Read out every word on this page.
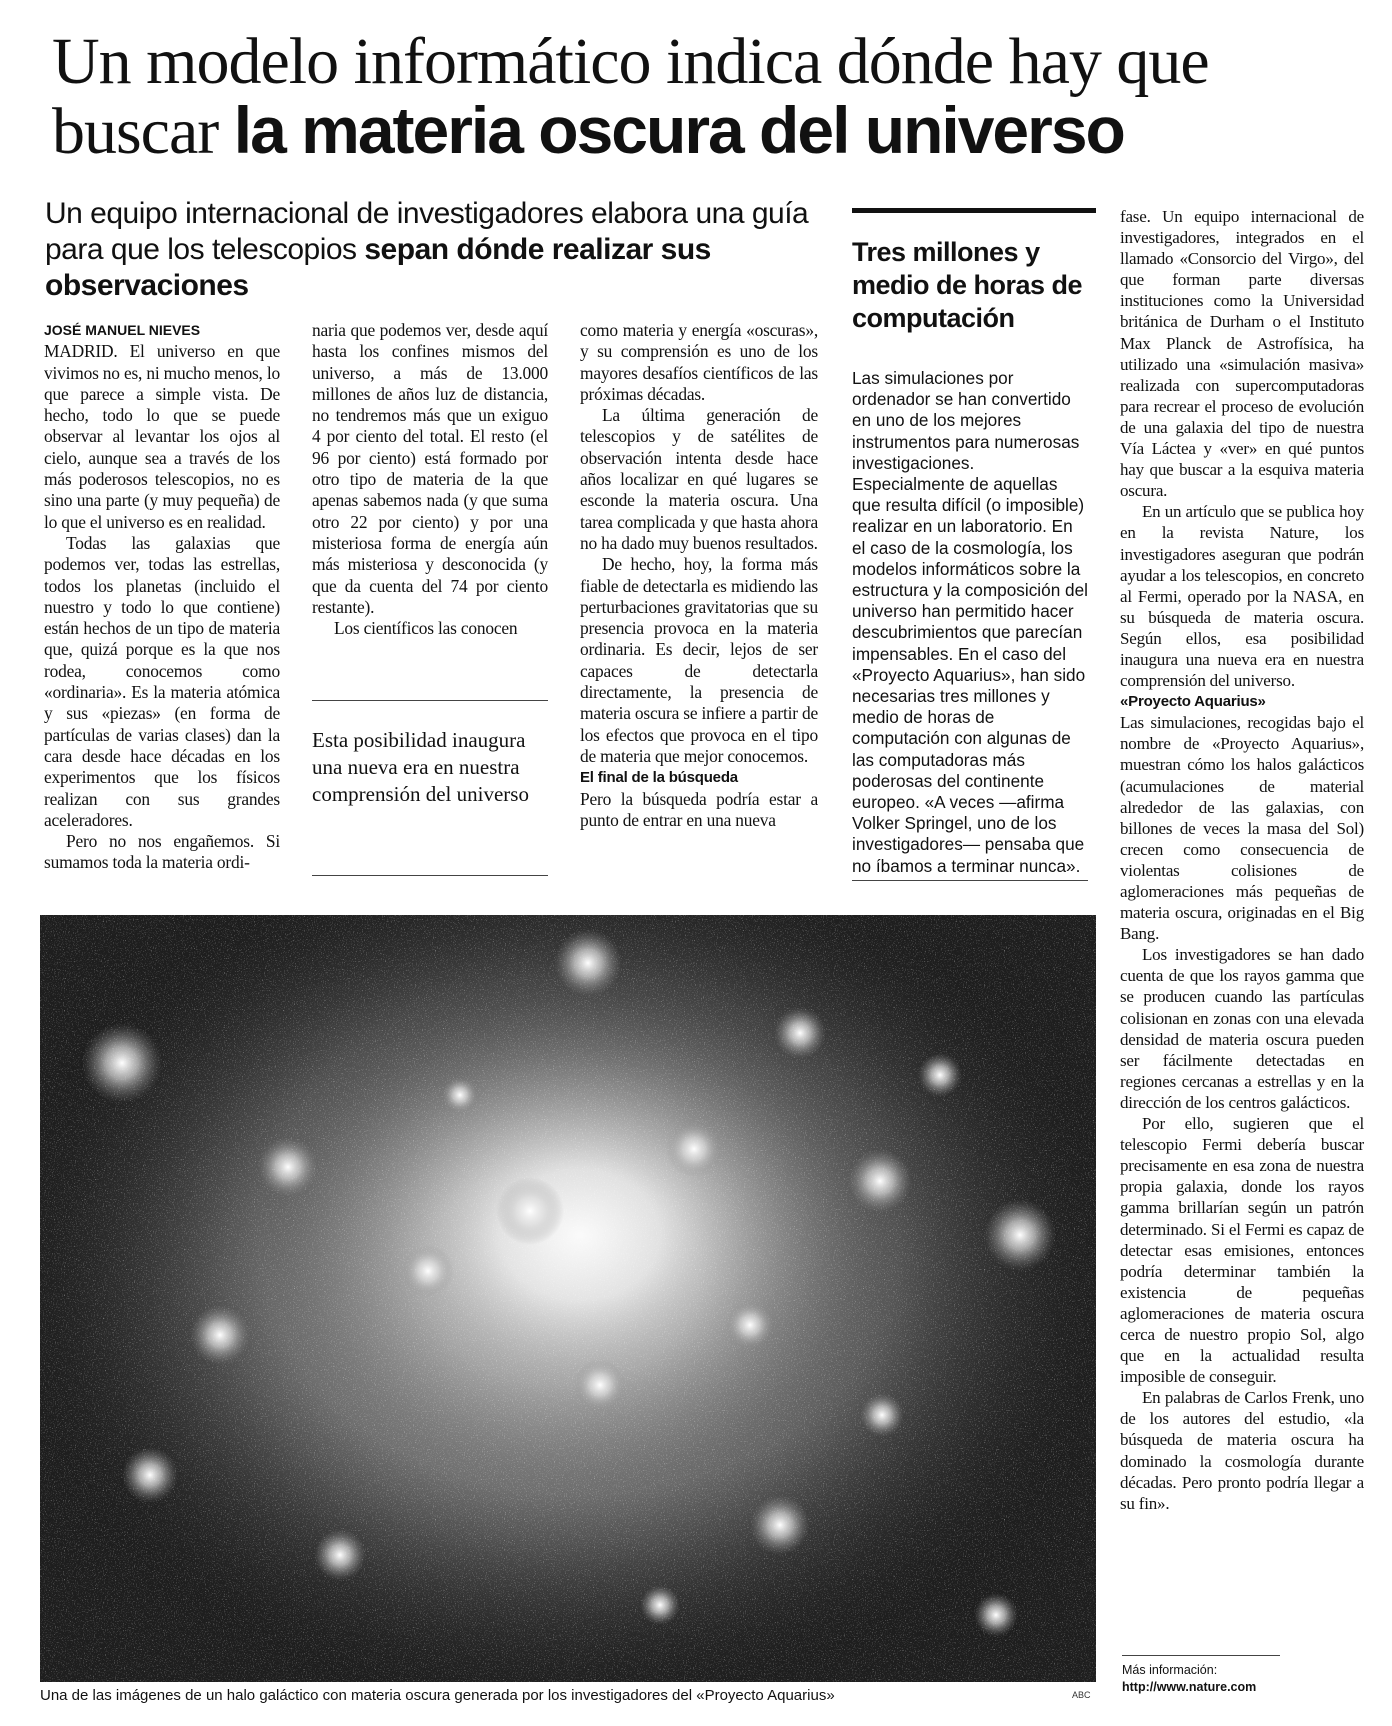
Un modelo informático indica dónde hay que buscar la materia oscura del universo
Un equipo internacional de investigadores elabora una guía para que los telescopios sepan dónde realizar sus observaciones
JOSÉ MANUEL NIEVES

MADRID. El universo en que vivimos no es, ni mucho menos, lo que parece a simple vista. De hecho, todo lo que se puede observar al levantar los ojos al cielo, aunque sea a través de los más poderosos telescopios, no es sino una parte (y muy pequeña) de lo que el universo es en realidad.

Todas las galaxias que podemos ver, todas las estrellas, todos los planetas (incluido el nuestro y todo lo que contiene) están hechos de un tipo de materia que, quizá porque es la que nos rodea, conocemos como «ordinaria». Es la materia atómica y sus «piezas» (en forma de partículas de varias clases) dan la cara desde hace décadas en los experimentos que los físicos realizan con sus grandes aceleradores.

Pero no nos engañemos. Si sumamos toda la materia ordi-

naria que podemos ver, desde aquí hasta los confines mismos del universo, a más de 13.000 millones de años luz de distancia, no tendremos más que un exiguo 4 por ciento del total. El resto (el 96 por ciento) está formado por otro tipo de materia de la que apenas sabemos nada (y que suma otro 22 por ciento) y por una misteriosa forma de energía aún más misteriosa y desconocida (y que da cuenta del 74 por ciento restante).

Los científicos las conocen

Esta posibilidad inaugura una nueva era en nuestra comprensión del universo

como materia y energía «oscuras», y su comprensión es uno de los mayores desafíos científicos de las próximas décadas.

La última generación de telescopios y de satélites de observación intenta desde hace años localizar en qué lugares se esconde la materia oscura. Una tarea complicada y que hasta ahora no ha dado muy buenos resultados.

De hecho, hoy, la forma más fiable de detectarla es midiendo las perturbaciones gravitatorias que su presencia provoca en la materia ordinaria. Es decir, lejos de ser capaces de detectarla directamente, la presencia de materia oscura se infiere a partir de los efectos que provoca en el tipo de materia que mejor conocemos.

El final de la búsqueda

Pero la búsqueda podría estar a punto de entrar en una nueva

Tres millones y medio de horas de computación
Las simulaciones por ordenador se han convertido en uno de los mejores instrumentos para numerosas investigaciones. Especialmente de aquellas que resulta difícil (o imposible) realizar en un laboratorio. En el caso de la cosmología, los modelos informáticos sobre la estructura y la composición del universo han permitido hacer descubrimientos que parecían impensables. En el caso del «Proyecto Aquarius», han sido necesarias tres millones y medio de horas de computación con algunas de las computadoras más poderosas del continente europeo. «A veces —afirma Volker Springel, uno de los investigadores— pensaba que no íbamos a terminar nunca».

fase. Un equipo internacional de investigadores, integrados en el llamado «Consorcio del Virgo», del que forman parte diversas instituciones como la Universidad británica de Durham o el Instituto Max Planck de Astrofísica, ha utilizado una «simulación masiva» realizada con supercomputadoras para recrear el proceso de evolución de una galaxia del tipo de nuestra Vía Láctea y «ver» en qué puntos hay que buscar a la esquiva materia oscura.

En un artículo que se publica hoy en la revista Nature, los investigadores aseguran que podrán ayudar a los telescopios, en concreto al Fermi, operado por la NASA, en su búsqueda de materia oscura. Según ellos, esa posibilidad inaugura una nueva era en nuestra comprensión del universo.

«Proyecto Aquarius»

Las simulaciones, recogidas bajo el nombre de «Proyecto Aquarius», muestran cómo los halos galácticos (acumulaciones de material alrededor de las galaxias, con billones de veces la masa del Sol) crecen como consecuencia de violentas colisiones de aglomeraciones más pequeñas de materia oscura, originadas en el Big Bang.

Los investigadores se han dado cuenta de que los rayos gamma que se producen cuando las partículas colisionan en zonas con una elevada densidad de materia oscura pueden ser fácilmente detectadas en regiones cercanas a estrellas y en la dirección de los centros galácticos.

Por ello, sugieren que el telescopio Fermi debería buscar precisamente en esa zona de nuestra propia galaxia, donde los rayos gamma brillarían según un patrón determinado. Si el Fermi es capaz de detectar esas emisiones, entonces podría determinar también la existencia de pequeñas aglomeraciones de materia oscura cerca de nuestro propio Sol, algo que en la actualidad resulta imposible de conseguir.

En palabras de Carlos Frenk, uno de los autores del estudio, «la búsqueda de materia oscura ha dominado la cosmología durante décadas. Pero pronto podría llegar a su fin».

Más información:
http://www.nature.com
Una de las imágenes de un halo galáctico con materia oscura generada por los investigadores del «Proyecto Aquarius»	ABC
